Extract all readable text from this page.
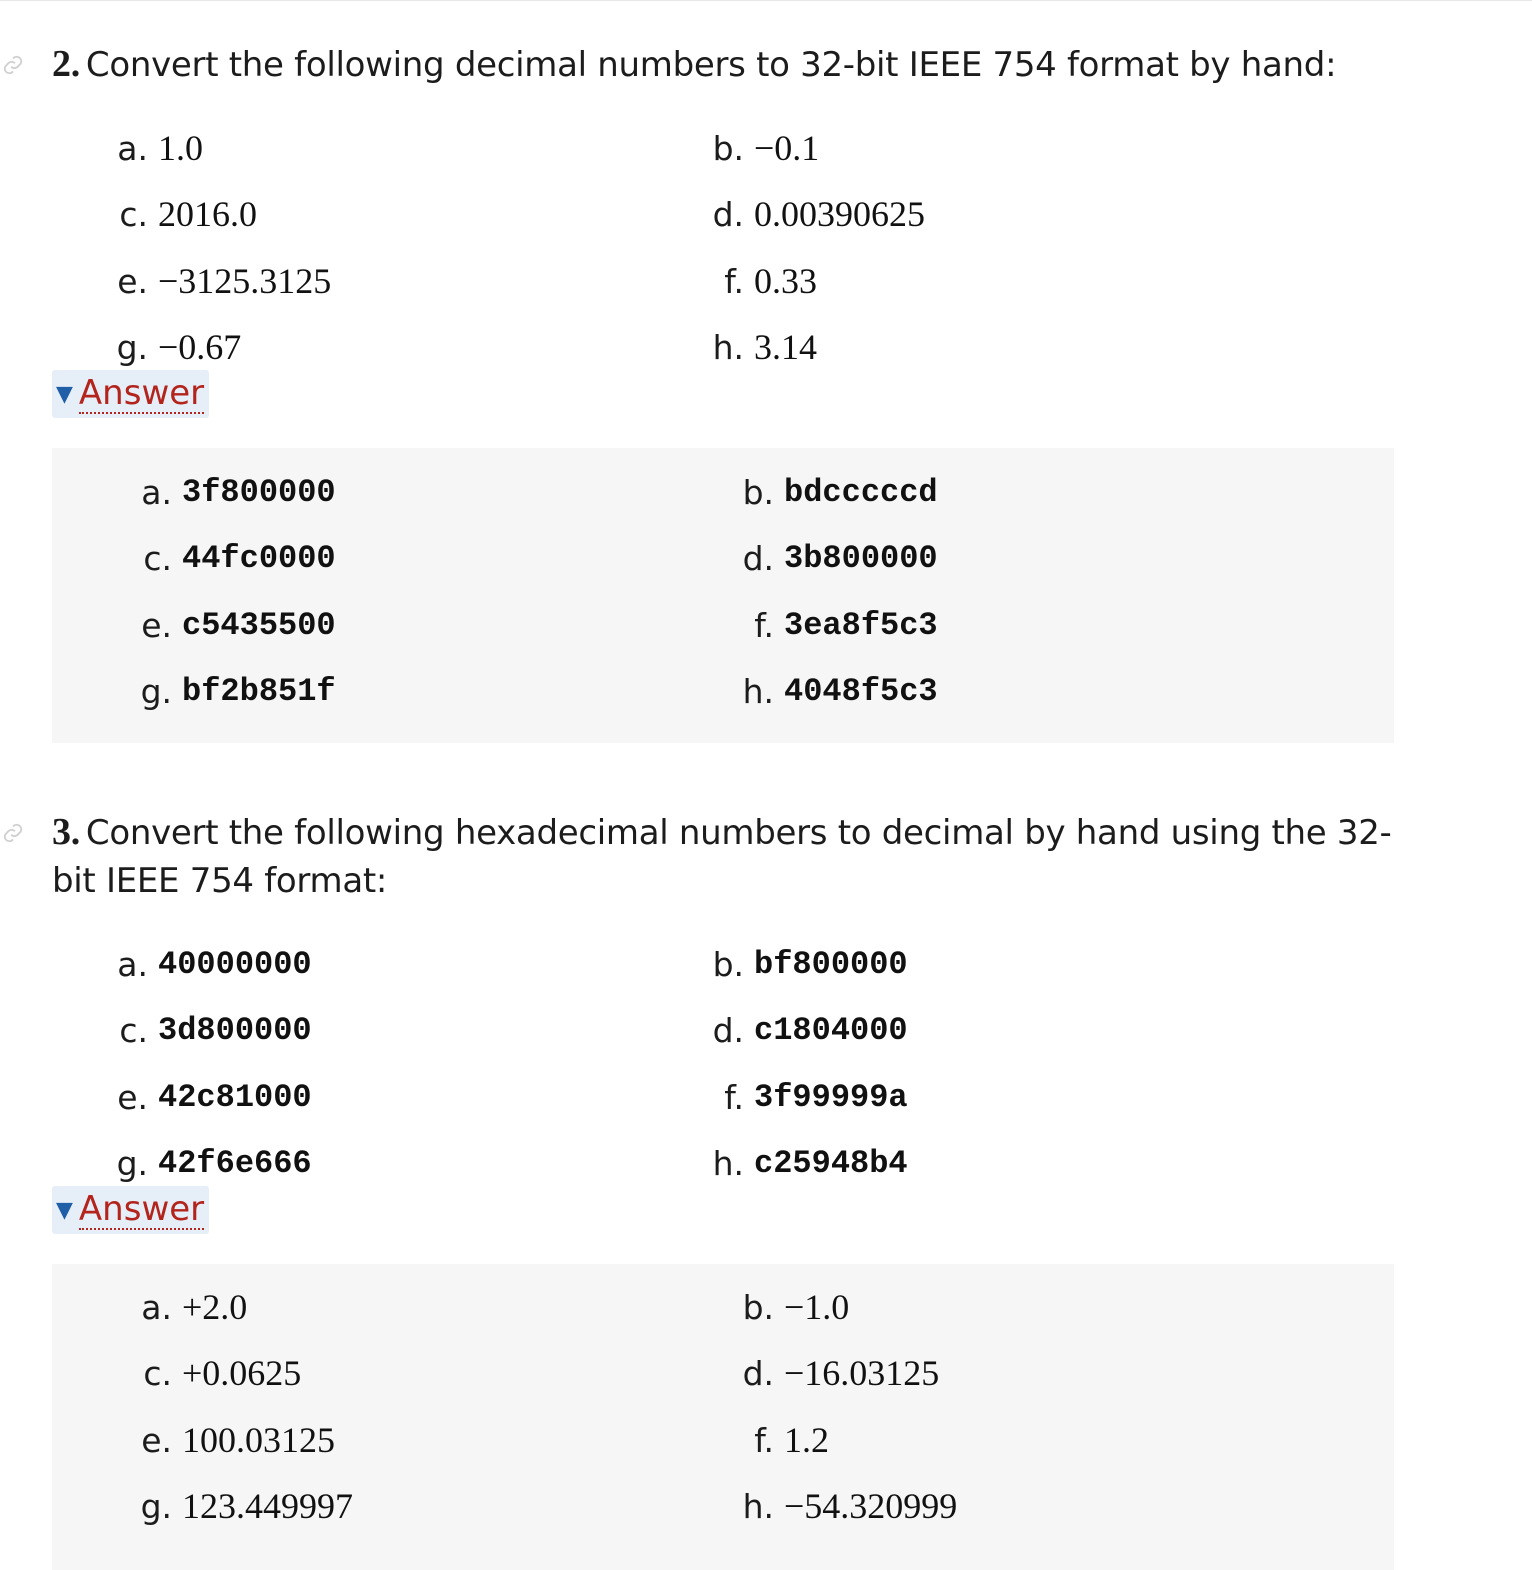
2. Convert the following decimal numbers to 32-bit IEEE 754 format by hand:

a. 1.0	b. −0.1
c. 2016.0	d. 0.00390625
e. −3125.3125	f. 0.33
g. −0.67	h. 3.14
▼ Answer
a. 3f800000	b. bdcccccd
c. 44fc0000	d. 3b800000
e. c5435500	f. 3ea8f5c3
g. bf2b851f	h. 4048f5c3

3. Convert the following hexadecimal numbers to decimal by hand using the 32-bit IEEE 754 format:

a. 40000000	b. bf800000
c. 3d800000	d. c1804000
e. 42c81000	f. 3f99999a
g. 42f6e666	h. c25948b4
▼ Answer
a. +2.0	b. −1.0
c. +0.0625	d. −16.03125
e. 100.03125	f. 1.2
g. 123.449997	h. −54.320999
